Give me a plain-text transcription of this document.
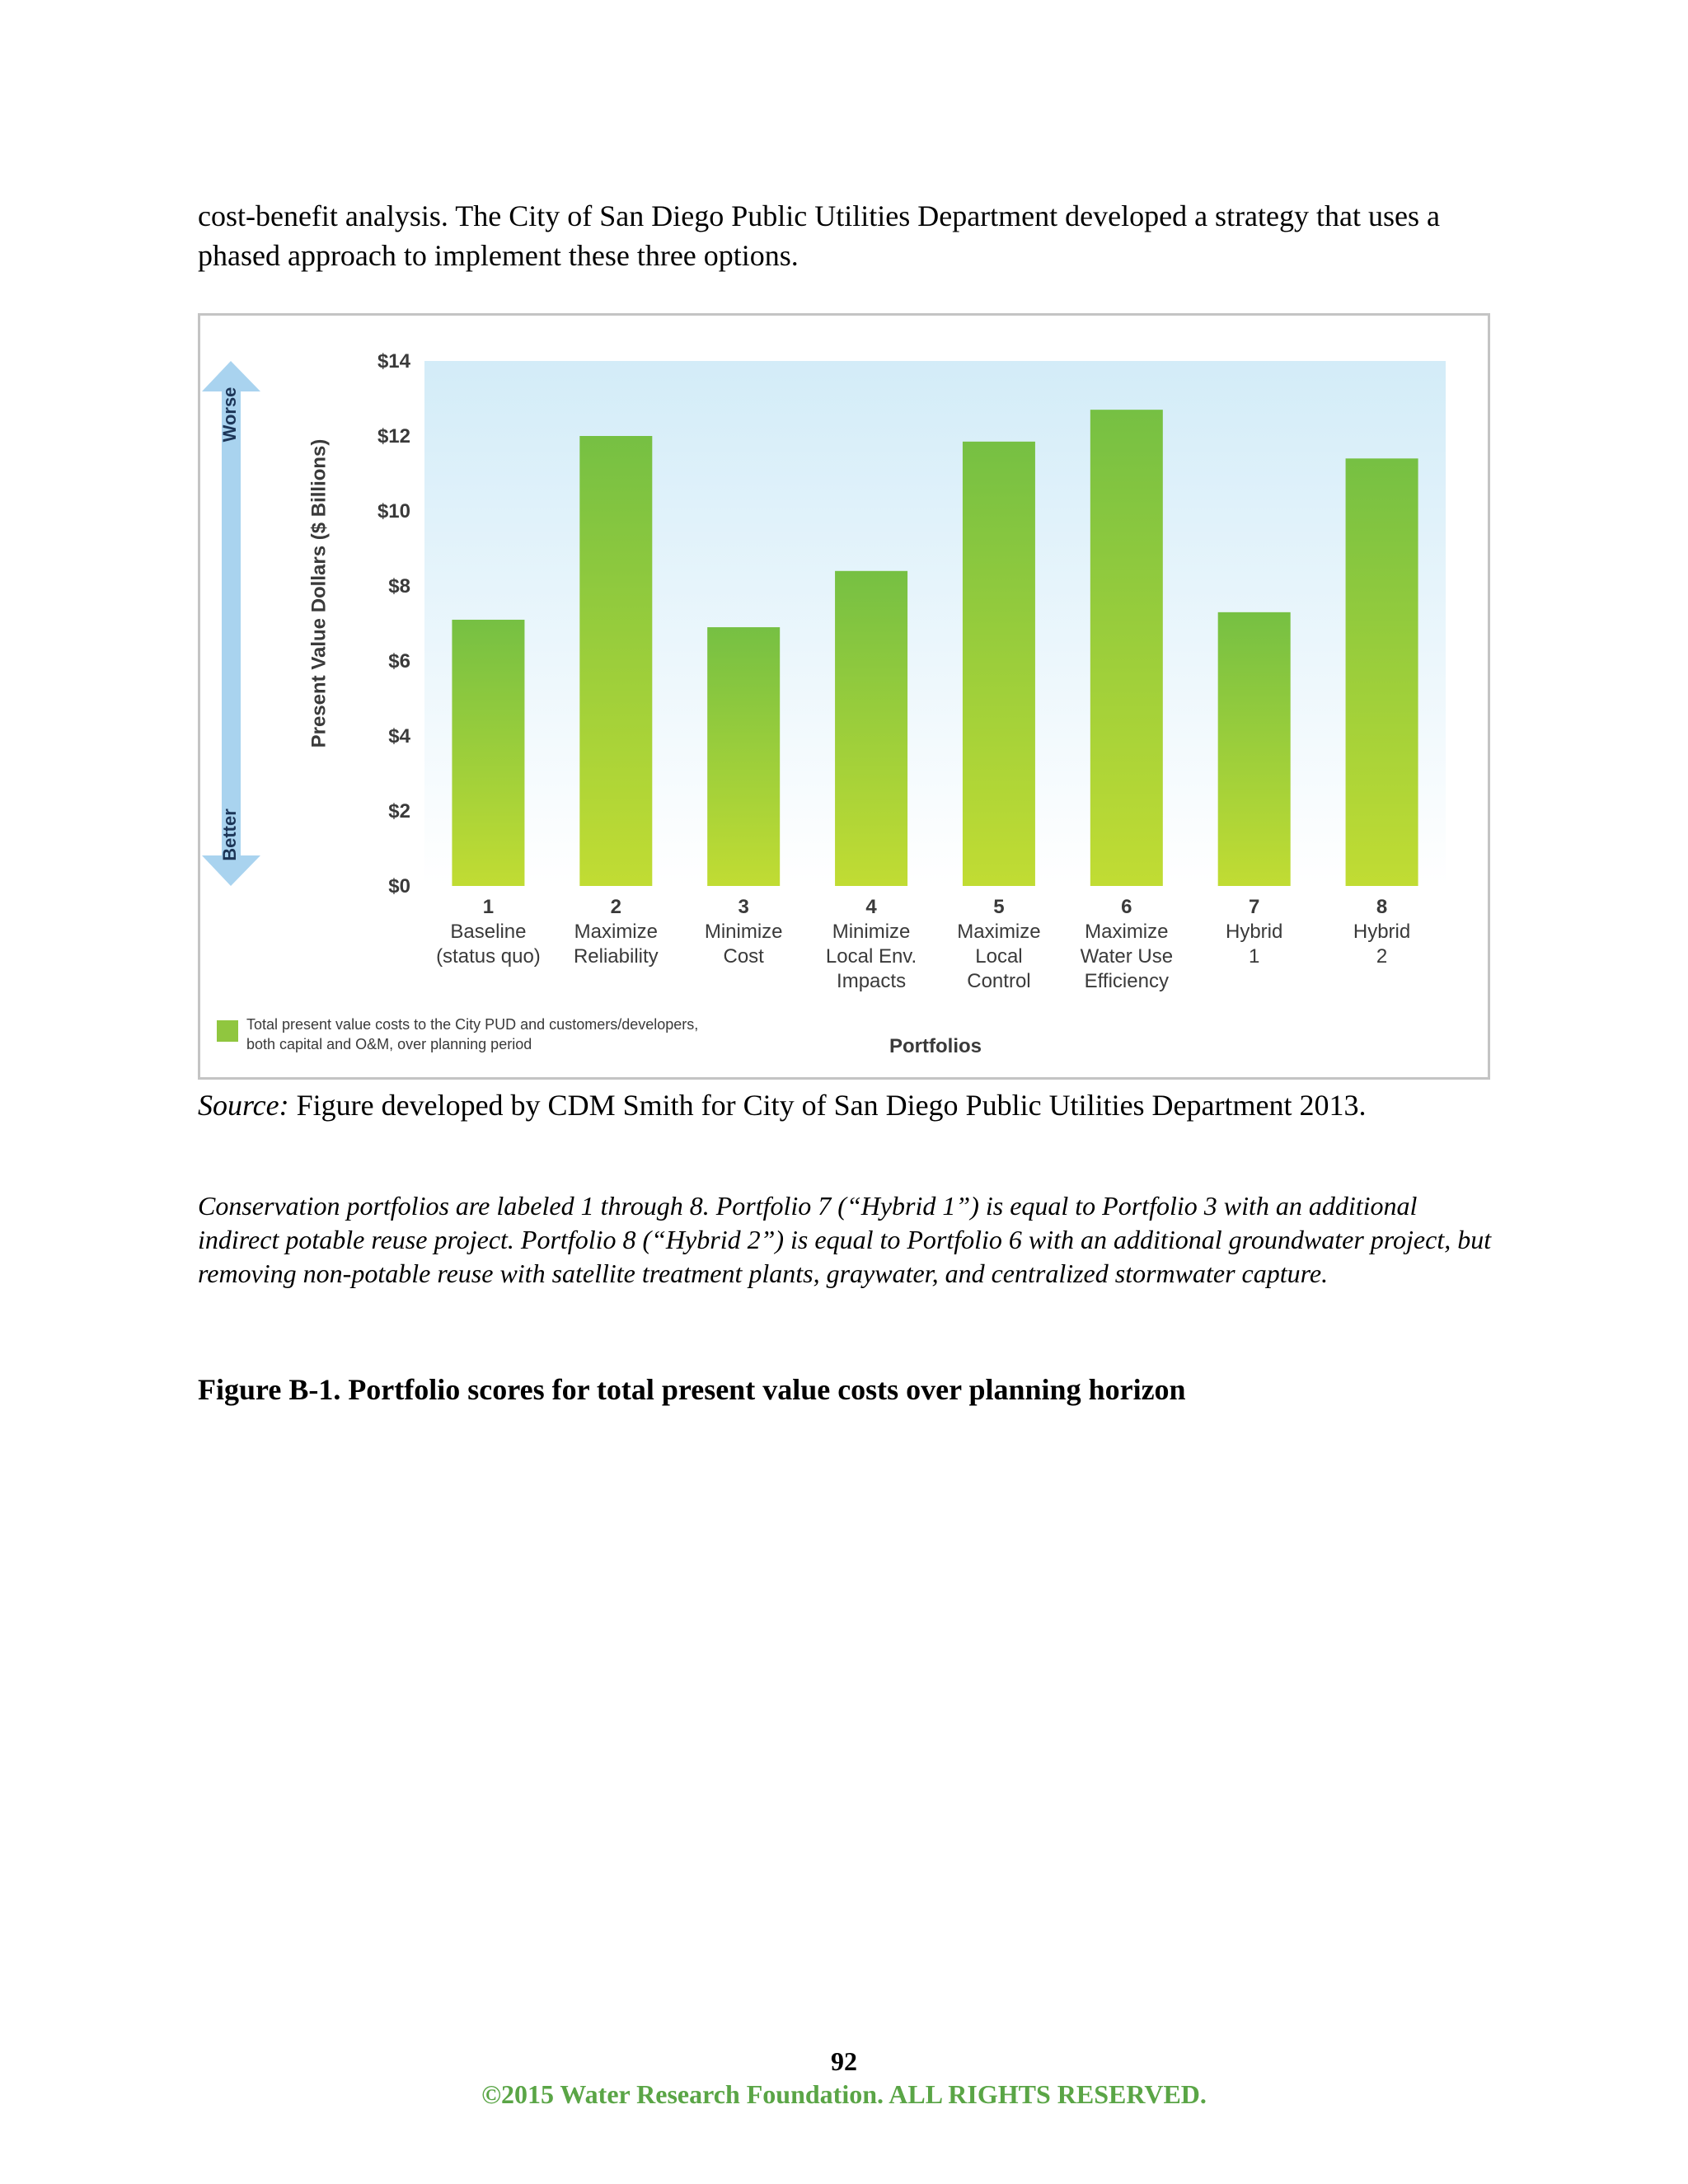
cost-benefit analysis. The City of San Diego Public Utilities Department developed a strategy that uses a phased approach to implement these three options.

Worse
Better
Present Value Dollars ($ Billions)
$0
$2
$4
$6
$8
$10
$12
$14
1 Baseline (status quo)
2 Maximize Reliability
3 Minimize Cost
4 Minimize Local Env. Impacts
5 Maximize Local Control
6 Maximize Water Use Efficiency
7 Hybrid 1
8 Hybrid 2
Total present value costs to the City PUD and customers/developers,
both capital and O&M, over planning period	Portfolios

Source: Figure developed by CDM Smith for City of San Diego Public Utilities Department 2013.

Conservation portfolios are labeled 1 through 8. Portfolio 7 (“Hybrid 1”) is equal to Portfolio 3 with an additional indirect potable reuse project. Portfolio 8 (“Hybrid 2”) is equal to Portfolio 6 with an additional groundwater project, but removing non-potable reuse with satellite treatment plants, graywater, and centralized stormwater capture.

Figure B-1. Portfolio scores for total present value costs over planning horizon

92
©2015 Water Research Foundation. ALL RIGHTS RESERVED.
